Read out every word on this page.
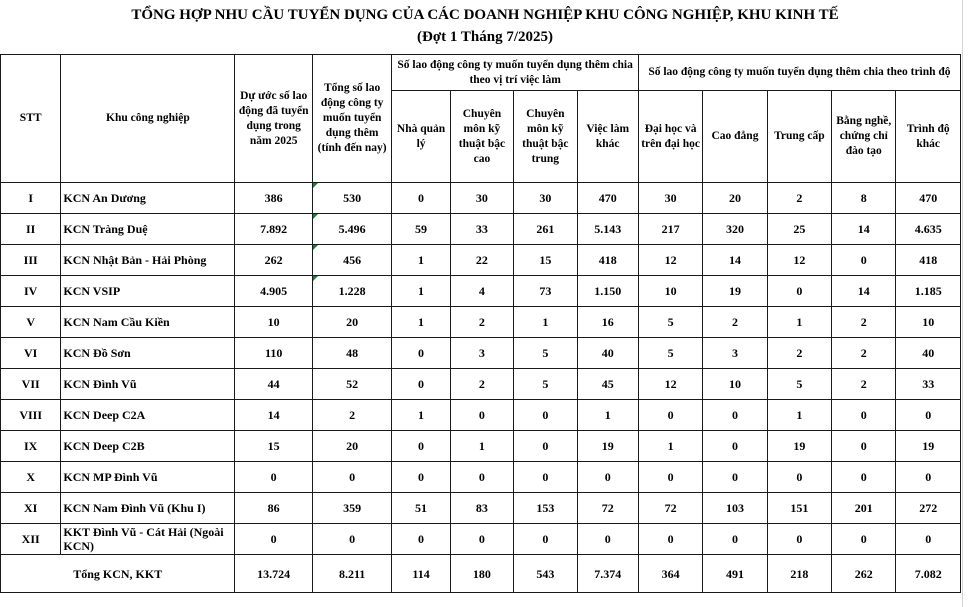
TỔNG HỢP NHU CẦU TUYỂN DỤNG CỦA CÁC DOANH NGHIỆP KHU CÔNG NGHIỆP, KHU KINH TẾ
(Đợt 1 Tháng 7/2025)
STT	Khu công nghiệp	Dự ước số lao động đã tuyển dụng trong năm 2025	Tổng số lao động công ty muốn tuyển dụng thêm (tính đến nay)	Số lao động công ty muốn tuyển dụng thêm chia theo vị trí việc làm				Số lao động công ty muốn tuyển dụng thêm chia theo trình độ				
				Nhà quản lý	Chuyên môn kỹ thuật bậc cao	Chuyên môn kỹ thuật bậc trung	Việc làm khác	Đại học và trên đại học	Cao đẳng	Trung cấp	Bằng nghề, chứng chỉ đào tạo	Trình độ khác
I	KCN An Dương	386	530	0	30	30	470	30	20	2	8	470
II	KCN Tràng Duệ	7.892	5.496	59	33	261	5.143	217	320	25	14	4.635
III	KCN Nhật Bản - Hải Phòng	262	456	1	22	15	418	12	14	12	0	418
IV	KCN VSIP	4.905	1.228	1	4	73	1.150	10	19	0	14	1.185
V	KCN Nam Cầu Kiền	10	20	1	2	1	16	5	2	1	2	10
VI	KCN Đồ Sơn	110	48	0	3	5	40	5	3	2	2	40
VII	KCN Đình Vũ	44	52	0	2	5	45	12	10	5	2	33
VIII	KCN Deep C2A	14	2	1	0	0	1	0	0	1	0	0
IX	KCN Deep C2B	15	20	0	1	0	19	1	0	19	0	19
X	KCN MP Đình Vũ	0	0	0	0	0	0	0	0	0	0	0
XI	KCN Nam Đình Vũ (Khu I)	86	359	51	83	153	72	72	103	151	201	272
XII	KKT Đình Vũ - Cát Hải (Ngoài KCN)	0	0	0	0	0	0	0	0	0	0	0
Tổng KCN, KKT		13.724	8.211	114	180	543	7.374	364	491	218	262	7.082
